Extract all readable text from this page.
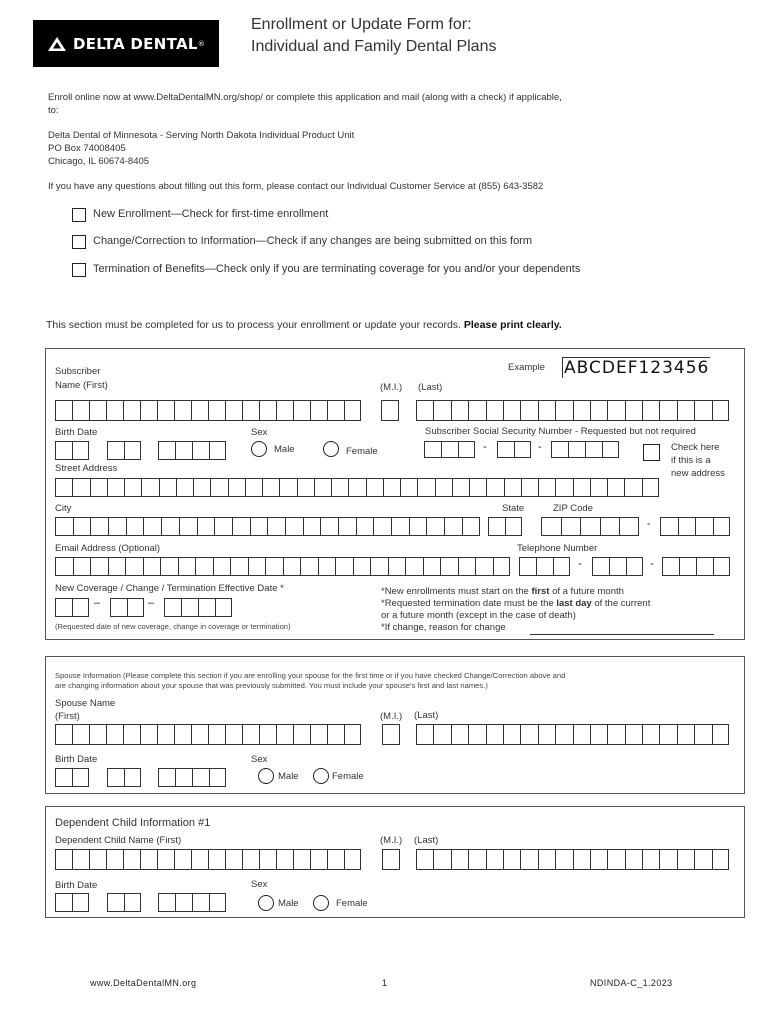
DELTA DENTAL ®
Enrollment or Update Form for:
Individual and Family Dental Plans
Enroll online now at www.DeltaDentalMN.org/shop/ or complete this application and mail (along with a check) if applicable,
to:
Delta Dental of Minnesota - Serving North Dakota Individual Product Unit
PO Box 74008405
Chicago, IL 60674-8405
If you have any questions about filling out this form, please contact our Individual Customer Service at (855) 643-3582
New Enrollment—Check for first-time enrollment
Change/Correction to Information—Check if any changes are being submitted on this form
Termination of Benefits—Check only if you are terminating coverage for you and/or your dependents
This section must be completed for us to process your enrollment or update your records. Please print clearly.
Subscriber
Name (First)	(M.I.) (Last)
Example ABCDEF123456
Birth Date	Sex	Subscriber Social Security Number - Requested but not required
Male	Female	-	-	Check here
if this is a
new address
Street Address
City	State	ZIP Code
-
Email Address (Optional)	Telephone Number
-	-
New Coverage / Change / Termination Effective Date *
–	–
(Requested date of new coverage, change in coverage or termination)
*New enrollments must start on the first of a future month
*Requested termination date must be the last day of the current
or a future month (except in the case of death)
*If change, reason for change
Spouse Information (Please complete this section if you are enrolling your spouse for the first time or if you have checked Change/Correction above and
are changing information about your spouse that was previously submitted. You must include your spouse's first and last names.)
Spouse Name
(First)	(M.I.) (Last)
Birth Date	Sex
Male	Female
Dependent Child Information #1
Dependent Child Name (First)	(M.I.) (Last)
Birth Date	Sex
Male	Female
www.DeltaDentalMN.org	1	NDINDA-C_1.2023
